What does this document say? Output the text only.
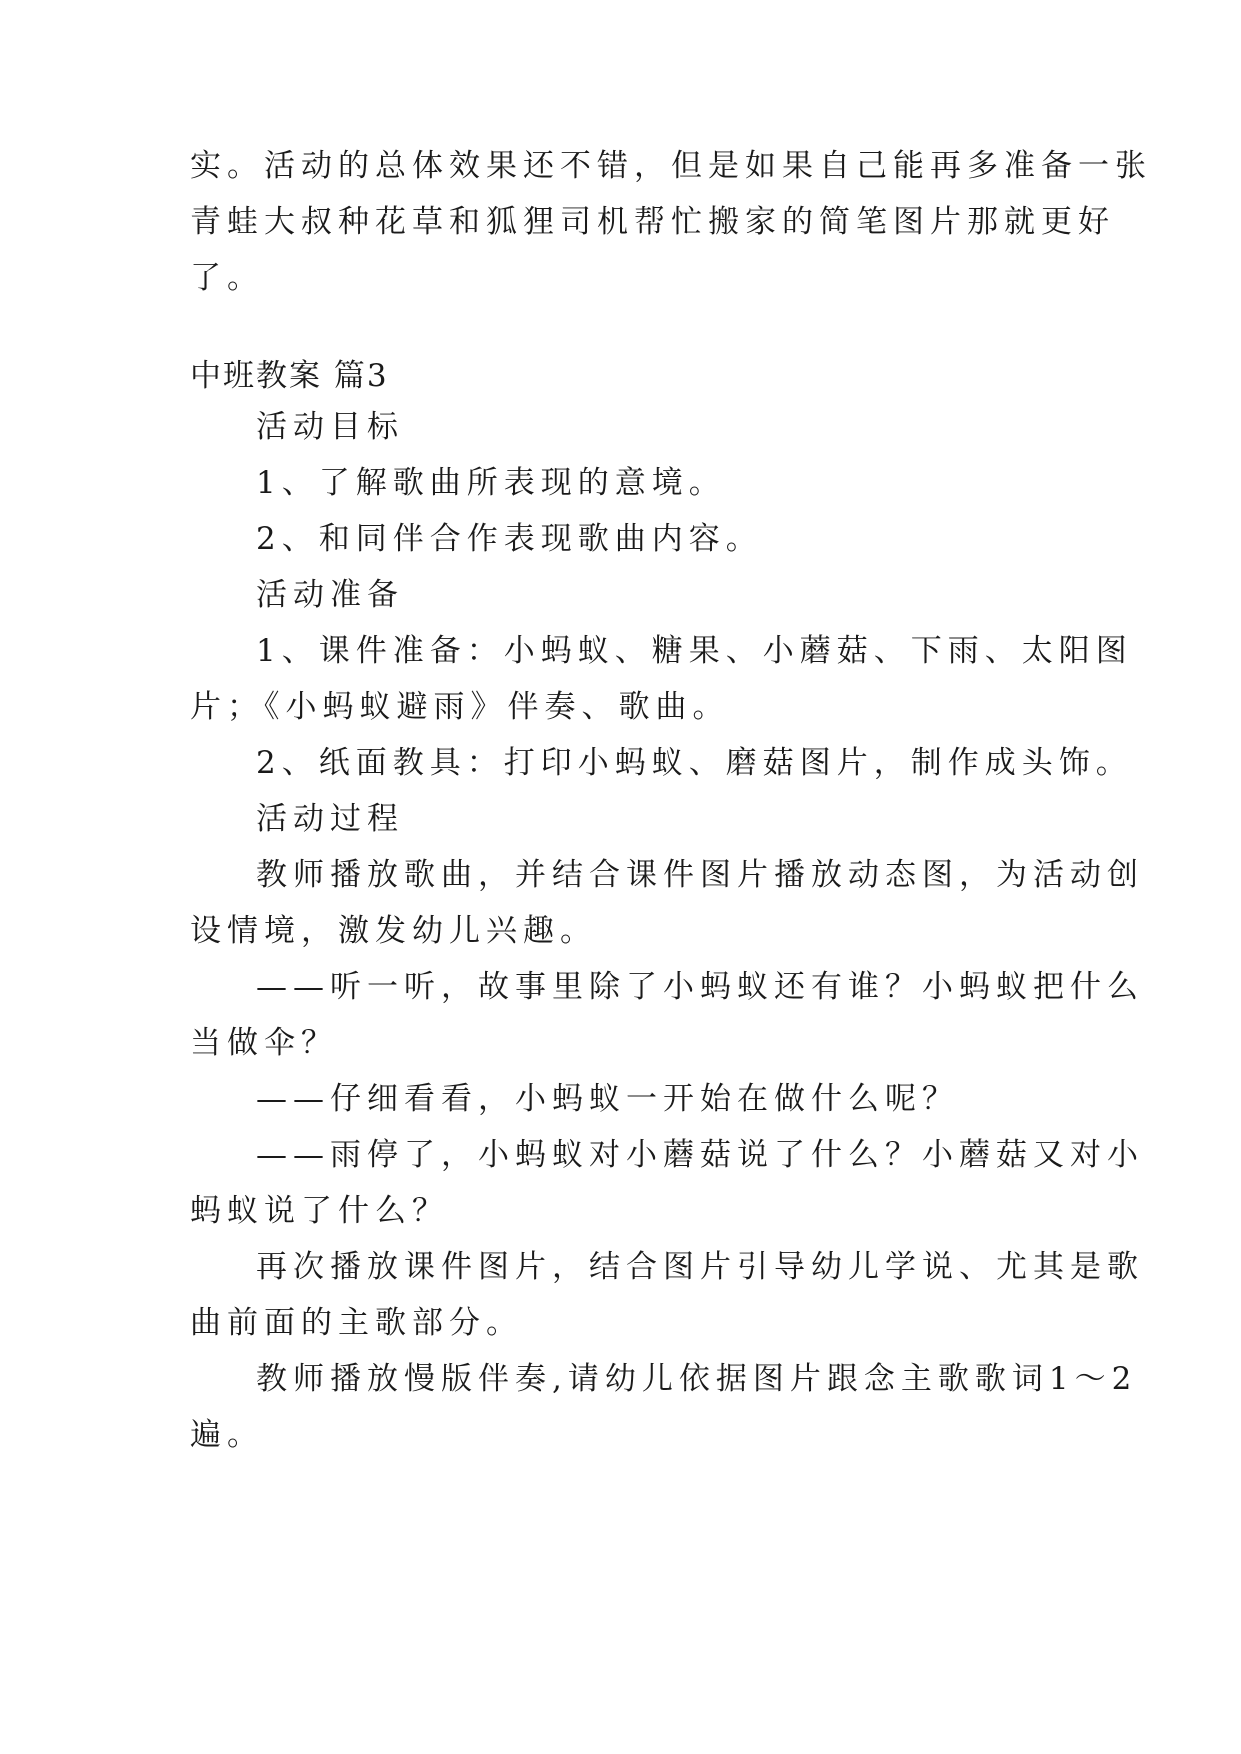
实。活动的总体效果还不错，但是如果自己能再多准备一张

青蛙大叔种花草和狐狸司机帮忙搬家的简笔图片那就更好

了。

中班教案 篇3

活动目标

1、了解歌曲所表现的意境。

2、和同伴合作表现歌曲内容。

活动准备

1、课件准备：小蚂蚁、糖果、小蘑菇、下雨、太阳图

片；《小蚂蚁避雨》伴奏、歌曲。

2、纸面教具：打印小蚂蚁、磨菇图片，制作成头饰。

活动过程

教师播放歌曲，并结合课件图片播放动态图，为活动创

设情境，激发幼儿兴趣。

——听一听，故事里除了小蚂蚁还有谁？小蚂蚁把什么

当做伞？

——仔细看看，小蚂蚁一开始在做什么呢？

——雨停了，小蚂蚁对小蘑菇说了什么？小蘑菇又对小

蚂蚁说了什么？

再次播放课件图片，结合图片引导幼儿学说、尤其是歌

曲前面的主歌部分。

教师播放慢版伴奏,请幼儿依据图片跟念主歌歌词1～2

遍。
